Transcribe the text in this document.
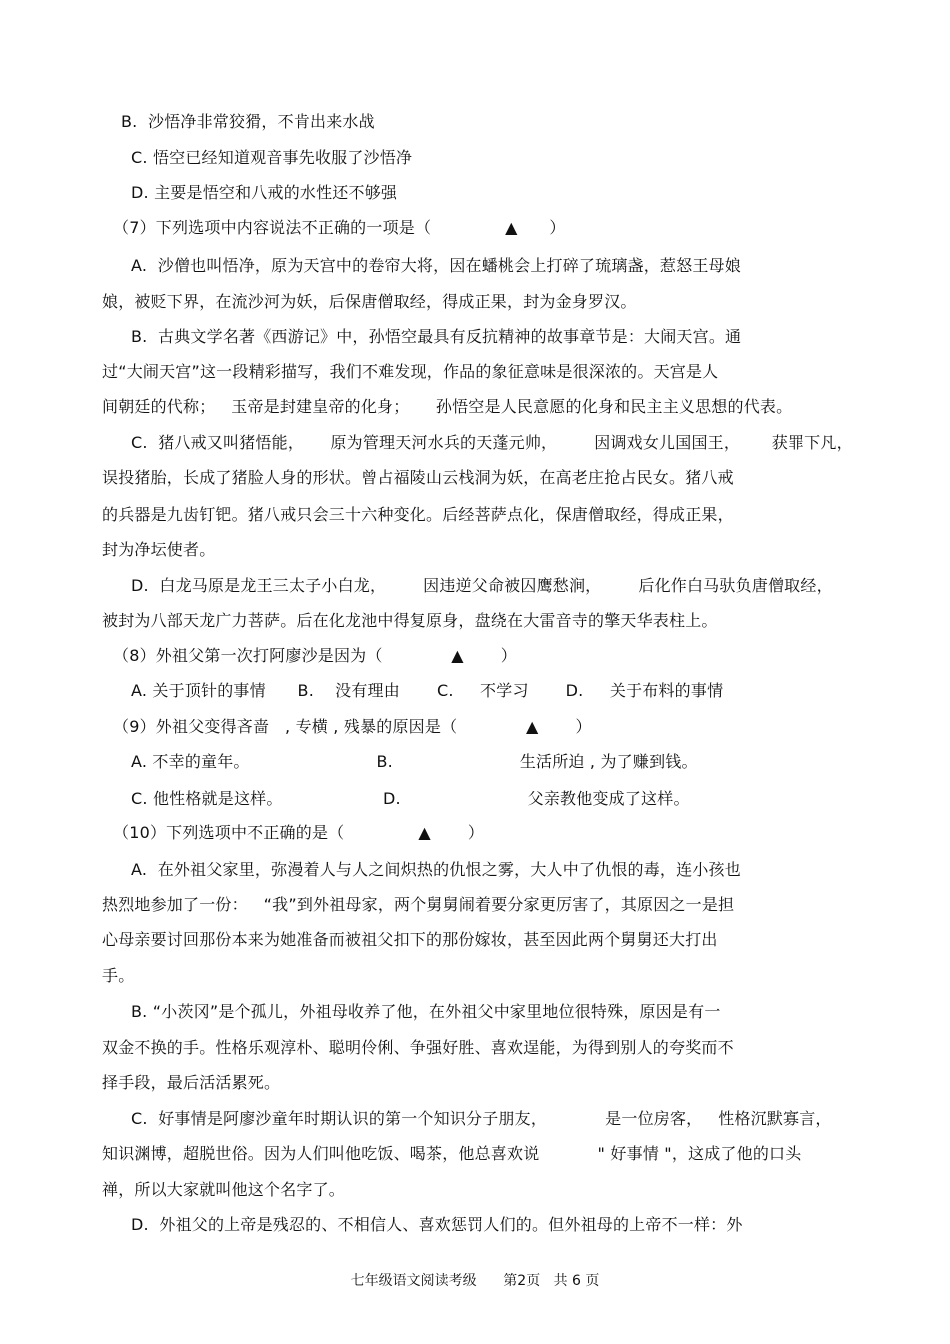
B.  沙悟净非常狡猾，不肯出来水战
C. 悟空已经知道观音事先收服了沙悟净
D. 主要是悟空和八戒的水性还不够强
（7）下列选项中内容说法不正确的一项是（              ▲      ）
A.  沙僧也叫悟净，原为天宫中的卷帘大将，因在蟠桃会上打碎了琉璃盏，惹怒王母娘
娘，被贬下界，在流沙河为妖，后保唐僧取经，得成正果，封为金身罗汉。
B.  古典文学名著《西游记》中，孙悟空最具有反抗精神的故事章节是：大闹天宫。通
过“大闹天宫”这一段精彩描写，我们不难发现，作品的象征意味是很深浓的。天宫是人
间朝廷的代称；   玉帝是封建皇帝的化身；     孙悟空是人民意愿的化身和民主主义思想的代表。
C.  猪八戒又叫猪悟能，     原为管理天河水兵的天蓬元帅，       因调戏女儿国国王，      获罪下凡，
误投猪胎，长成了猪脸人身的形状。曾占福陵山云栈洞为妖，在高老庄抢占民女。猪八戒
的兵器是九齿钉钯。猪八戒只会三十六种变化。后经菩萨点化，保唐僧取经，得成正果，
封为净坛使者。
D.  白龙马原是龙王三太子小白龙，       因违逆父命被囚鹰愁涧，       后化作白马驮负唐僧取经，
被封为八部天龙广力菩萨。后在化龙池中得复原身，盘绕在大雷音寺的擎天华表柱上。
（8）外祖父第一次打阿廖沙是因为（             ▲       ）
A. 关于顶针的事情      B.    没有理由       C.     不学习       D.     关于布料的事情
（9）外祖父变得吝啬   , 专横 , 残暴的原因是（             ▲       ）
A. 不幸的童年。                        B.                        生活所迫 , 为了赚到钱。
C. 他性格就是这样。                   D.                        父亲教他变成了这样。
（10）下列选项中不正确的是（              ▲       ）
A.  在外祖父家里，弥漫着人与人之间炽热的仇恨之雾，大人中了仇恨的毒，连小孩也
热烈地参加了一份：   “我”到外祖母家，两个舅舅闹着要分家更厉害了，其原因之一是担
心母亲要讨回那份本来为她准备而被祖父扣下的那份嫁妆，甚至因此两个舅舅还大打出
手。
B. “小茨冈”是个孤儿，外祖母收养了他，在外祖父中家里地位很特殊，原因是有一
双金不换的手。性格乐观淳朴、聪明伶俐、争强好胜、喜欢逞能，为得到别人的夸奖而不
择手段，最后活活累死。
C.  好事情是阿廖沙童年时期认识的第一个知识分子朋友，           是一位房客，   性格沉默寡言，
知识渊博，超脱世俗。因为人们叫他吃饭、喝茶，他总喜欢说           " 好事情 "，这成了他的口头
禅，所以大家就叫他这个名字了。
D.  外祖父的上帝是残忍的、不相信人、喜欢惩罚人们的。但外祖母的上帝不一样：外
七年级语文阅读考级      第2页   共 6 页
